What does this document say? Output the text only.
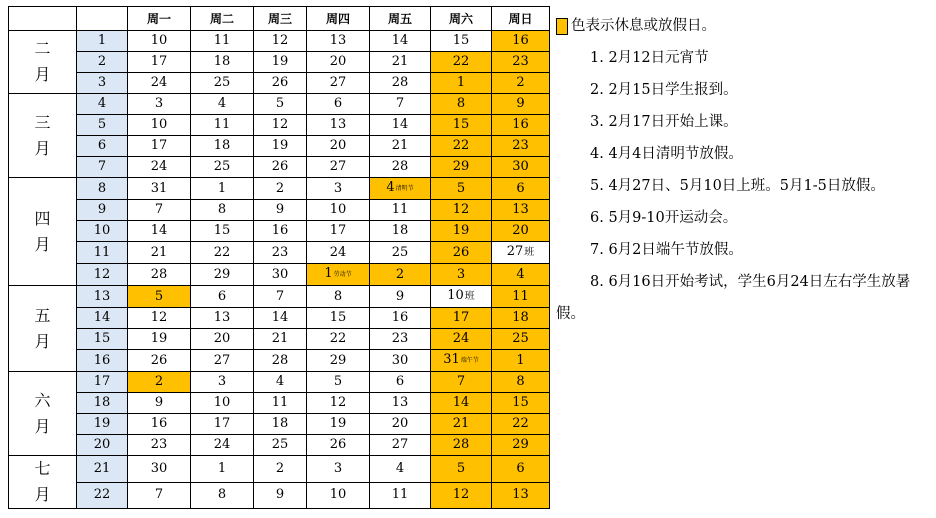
		周一	周二	周三	周四	周五	周六	周日
二
月	1	10	11	12	13	14	15	16
	2	17	18	19	20	21	22	23
	3	24	25	26	27	28	1	2
三
月	4	3	4	5	6	7	8	9
	5	10	11	12	13	14	15	16
	6	17	18	19	20	21	22	23
	7	24	25	26	27	28	29	30
四
月	8	31	1	2	3	4清明节	5	6
	9	7	8	9	10	11	12	13
	10	14	15	16	17	18	19	20
	11	21	22	23	24	25	26	27班
	12	28	29	30	1劳动节	2	3	4
五
月	13	5	6	7	8	9	10班	11
	14	12	13	14	15	16	17	18
	15	19	20	21	22	23	24	25
	16	26	27	28	29	30	31端午节	1
六
月	17	2	3	4	5	6	7	8
	18	9	10	11	12	13	14	15
	19	16	17	18	19	20	21	22
	20	23	24	25	26	27	28	29
七
月	21	30	1	2	3	4	5	6
	22	7	8	9	10	11	12	13
色表示休息或放假日。

1. 2月12日元宵节

2. 2月15日学生报到。

3. 2月17日开始上课。

4. 4月4日清明节放假。

5. 4月27日、5月10日上班。5月1-5日放假。

6. 5月9-10开运动会。

7. 6月2日端午节放假。

8. 6月16日开始考试，学生6月24日左右学生放暑假。
